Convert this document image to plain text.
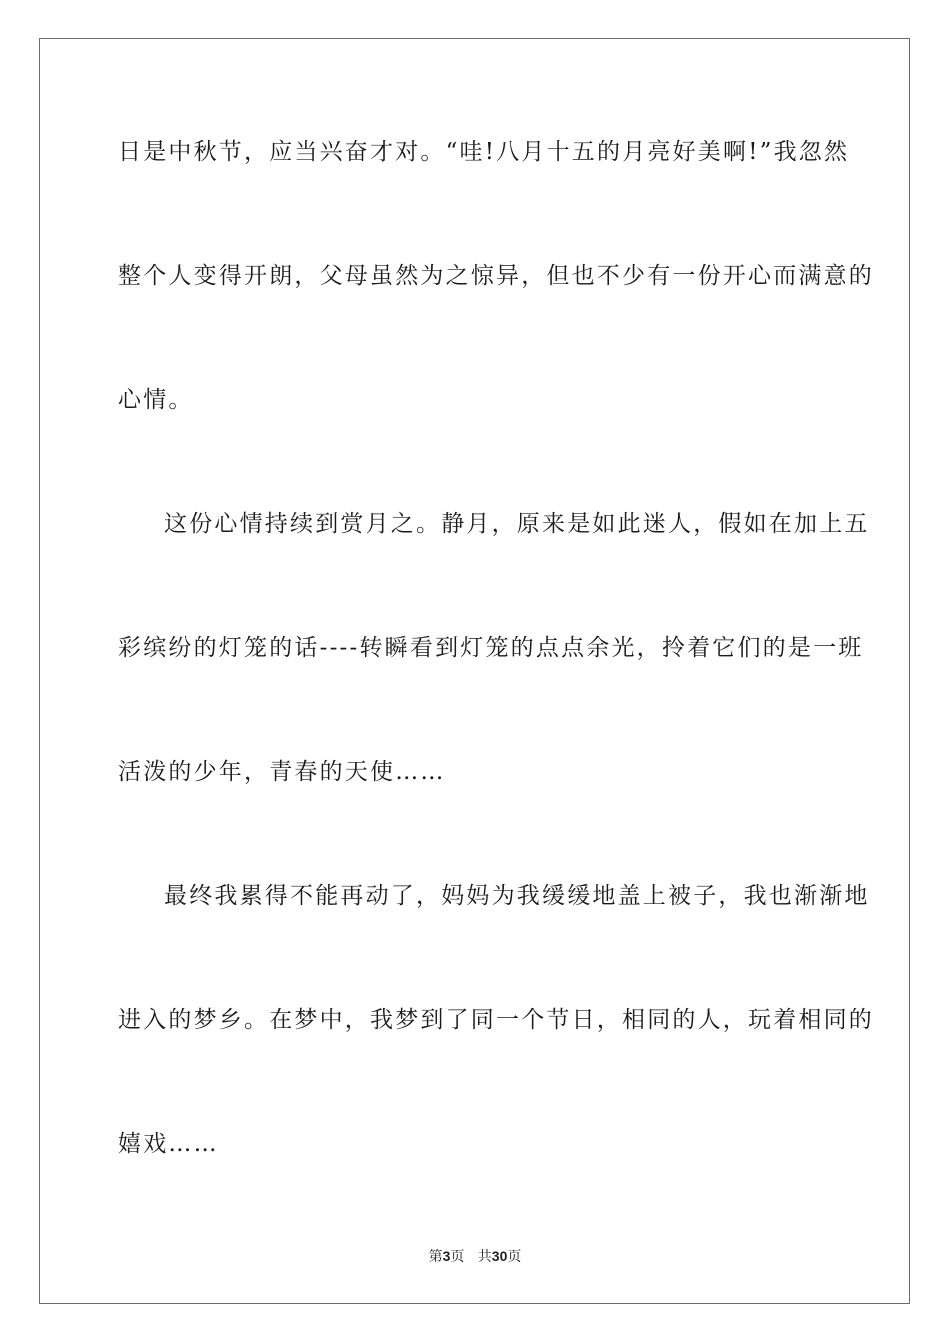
日是中秋节，应当兴奋才对。“哇!八月十五的月亮好美啊!”我忽然
整个人变得开朗，父母虽然为之惊异，但也不少有一份开心而满意的
心情。
这份心情持续到赏月之。静月，原来是如此迷人，假如在加上五
彩缤纷的灯笼的话----转瞬看到灯笼的点点余光，拎着它们的是一班
活泼的少年，青春的天使……
最终我累得不能再动了，妈妈为我缓缓地盖上被子，我也渐渐地
进入的梦乡。在梦中，我梦到了同一个节日，相同的人，玩着相同的
嬉戏……
第3页 共30页
